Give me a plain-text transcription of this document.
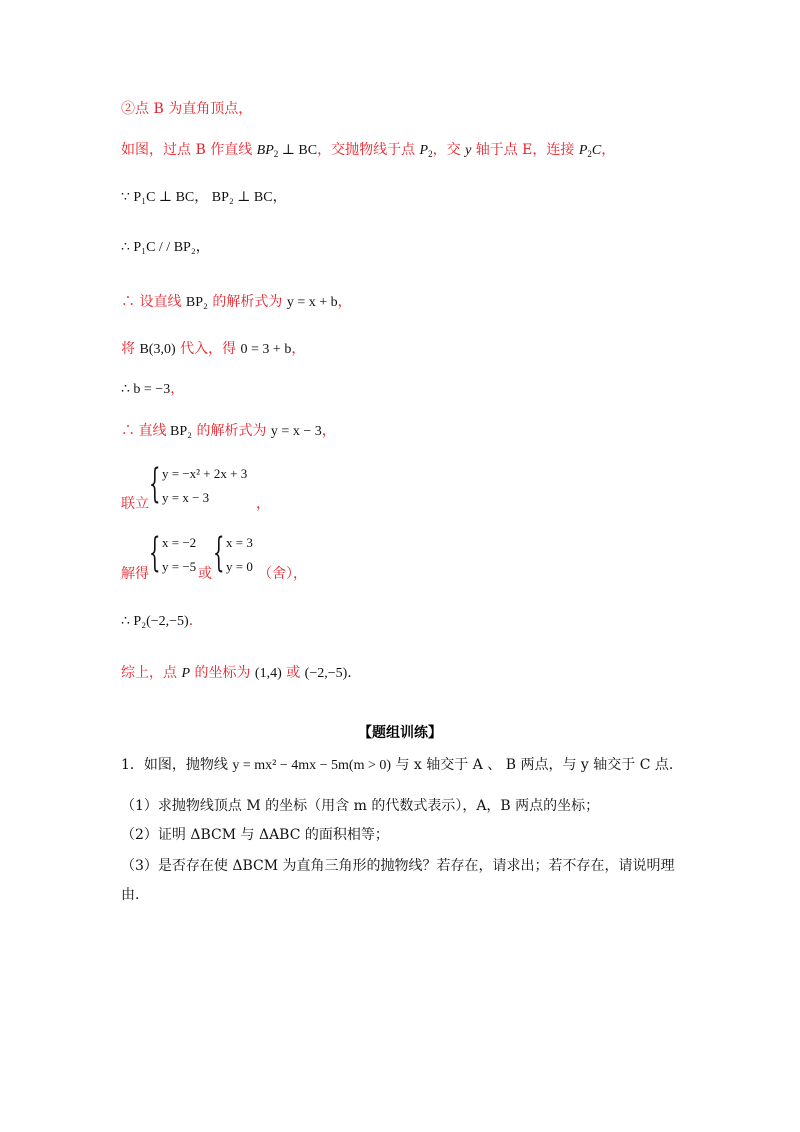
②点 B 为直角顶点，
如图，过点 B 作直线 $BP_2$ ⊥ BC，交抛物线于点 $P_2$，交 y 轴于点 E，连接 $P_2C$，
∵ P₁C ⊥ BC， BP₂ ⊥ BC，
∴ P₁C / / BP₂，
∴ 设直线 BP₂ 的解析式为 y = x + b，
将 B(3,0) 代入，得 0 = 3 + b，
∴ b = −3，
∴ 直线 BP₂ 的解析式为 y = x − 3，
联立 { y = −x² + 2x + 3
y = x − 3	，
解得 { x = −2
y = −5 或 { x = 3
y = 0 （舍），
∴ P₂(−2,−5).
综上，点 P 的坐标为 (1,4) 或 (−2,−5).
【题组训练】
1．如图，抛物线 y = mx² − 4mx − 5m(m > 0) 与 x 轴交于 A 、 B 两点，与 y 轴交于 C 点.
（1）求抛物线顶点 M 的坐标（用含 m 的代数式表示），A，B 两点的坐标；
（2）证明 ΔBCM 与 ΔABC 的面积相等；
（3）是否存在使 ΔBCM 为直角三角形的抛物线？若存在，请求出；若不存在，请说明理
由.
